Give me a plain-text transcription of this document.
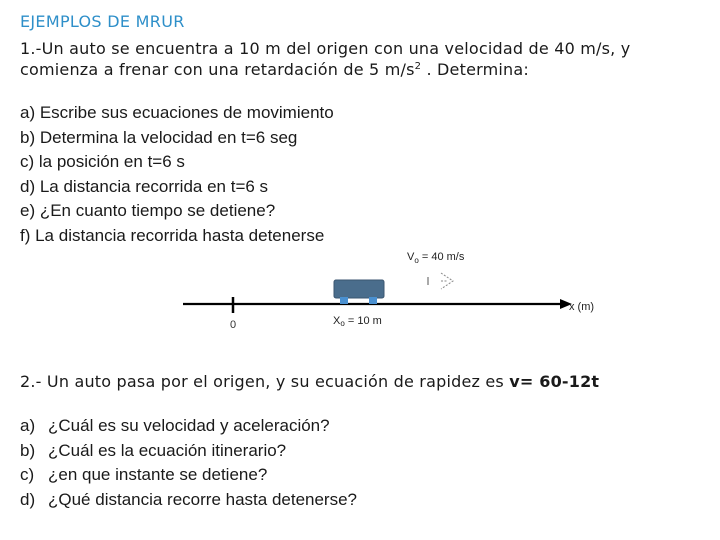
EJEMPLOS DE MRUR
1.-Un auto se encuentra a 10 m del origen con una velocidad de 40 m/s, y comienza a frenar con una retardación de 5 $m/s^2$ . Determina:
a) Escribe sus ecuaciones de movimiento
b) Determina la velocidad en t=6 seg
c) la posición en t=6 s
d) La distancia recorrida en t=6 s
e) ¿En cuanto tiempo se detiene?
f) La distancia recorrida hasta detenerse
0	Xo = 10 m
$V_o = 40$ m/s
x (m)
2.- Un auto pasa por el origen, y su ecuación de rapidez es v= 60-12t
a) ¿Cuál es su velocidad y aceleración?
b) ¿Cuál es la ecuación itinerario?
c) ¿en que instante se detiene?
d) ¿Qué distancia recorre hasta detenerse?
